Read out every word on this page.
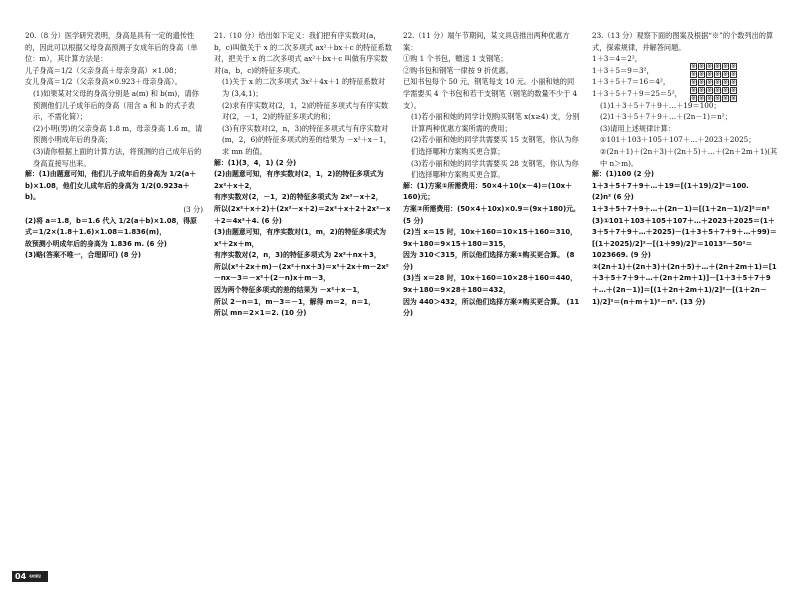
20.（8 分）医学研究表明，身高是具有一定的遗传性的，因此可以根据父母身高预测子女成年后的身高（单位：m），其计算方法是：

儿子身高＝1/2（父亲身高＋母亲身高）×1.08；

女儿身高＝1/2（父亲身高×0.923＋母亲身高）。

(1)如果某对父母的身高分别是 a(m) 和 b(m)，请你预测他们儿子成年后的身高（用含 a 和 b 的式子表示，不需化简）；

(2)小明(男)的父亲身高 1.8 m，母亲身高 1.6 m，请预测小明成年后的身高；

(3)请你根据上面的计算方法，将预测的自己成年后的身高直接写出来。

解：(1)由题意可知，他们儿子成年后的身高为 1/2(a＋b)×1.08，他们女儿成年后的身高为 1/2(0.923a＋b)。

(3 分)

(2)将 a＝1.8，b＝1.6 代入 1/2(a＋b)×1.08，得原式＝1/2×(1.8＋1.6)×1.08＝1.836(m)，

故预测小明成年后的身高为 1.836 m. (6 分)

(3)略(答案不唯一，合理即可) (8 分)

21.（10 分）给出如下定义：我们把有序实数对(a，b，c)叫做关于 x 的二次多项式 ax²＋bx＋c 的特征系数对，把关于 x 的二次多项式 ax²＋bx＋c 叫做有序实数对(a，b，c)的特征多项式。

(1)关于 x 的二次多项式 3x²＋4x＋1 的特征系数对为 (3,4,1)；

(2)求有序实数对(2，1，2)的特征多项式与有序实数对(2，－1，2)的特征多项式的和；

(3)有序实数对(2，n，3)的特征多项式与有序实数对(m，2，6)的特征多项式的差的结果为 －x²＋x－1，求 mn 的值。

解：(1)(3，4，1) (2 分)

(2)由题意可知，有序实数对(2，1，2)的特征多项式为 2x²＋x＋2，

有序实数对(2，－1，2)的特征多项式为 2x²－x＋2，

所以(2x²＋x＋2)＋(2x²－x＋2)＝2x²＋x＋2＋2x²－x＋2＝4x²＋4. (6 分)

(3)由题意可知，有序实数对(1，m，2)的特征多项式为 x²＋2x＋m，

有序实数对(2，n，3)的特征多项式为 2x²＋nx＋3，

所以(x²＋2x＋m)－(2x²＋nx＋3)＝x²＋2x＋m－2x²－nx－3＝－x²＋(2－n)x＋m－3，

因为两个特征多项式的差的结果为 －x²＋x－1，

所以 2－n＝1，m－3＝－1，解得 m＝2，n＝1，

所以 mn＝2×1＝2. (10 分)

22.（11 分）端午节期间，某文具店推出两种优惠方案：

①购 1 个书包，赠送 1 支钢笔；

②购书包和钢笔一律按 9 折优惠。

已知书包每个 50 元，钢笔每支 10 元。小丽和她的同学需要买 4 个书包和若干支钢笔（钢笔的数量不少于 4 支）。

(1)若小丽和她的同学计划购买钢笔 x(x≥4) 支，分别计算两种优惠方案所需的费用；

(2)若小丽和她的同学共需要买 15 支钢笔，你认为你们选择哪种方案购买更合算；

(3)若小丽和她的同学共需要买 28 支钢笔，你认为你们选择哪种方案购买更合算。

解：(1)方案①所需费用：50×4＋10(x－4)＝(10x＋160)元；

方案②所需费用：(50×4＋10x)×0.9＝(9x＋180)元。 (5 分)

(2)当 x＝15 时，10x＋160＝10×15＋160＝310，9x＋180＝9×15＋180＝315，

因为 310＜315，所以他们选择方案①购买更合算。 (8 分)

(3)当 x＝28 时，10x＋160＝10×28＋160＝440，9x＋180＝9×28＋180＝432，

因为 440＞432，所以他们选择方案②购买更合算。 (11 分)

23.（13 分）观察下面的图案及根据“※”的个数列出的算式，探索规律，并解答问题。

1＋3＝4＝2²，

1＋3＋5＝9＝3²，

1＋3＋5＋7＝16＝4²，

1＋3＋5＋7＋9＝25＝5²，

(1)1＋3＋5＋7＋9＋…＋19＝100；

(2)1＋3＋5＋7＋9＋…＋(2n－1)＝n²；

(3)请用上述规律计算：

①101＋103＋105＋107＋…＋2023＋2025；

②(2n＋1)＋(2n＋3)＋(2n＋5)＋…＋(2n＋2m＋1)(其中 n＞m)。

解：(1)100 (2 分)

1＋3＋5＋7＋9＋…＋19＝[(1＋19)/2]²＝100.

(2)n² (6 分)

1＋3＋5＋7＋9＋…＋(2n－1)＝[(1＋2n－1)/2]²＝n²

(3)①101＋103＋105＋107＋…＋2023＋2025＝(1＋3＋5＋7＋9＋…＋2025)－(1＋3＋5＋7＋9＋…＋99)＝[(1＋2025)/2]²－[(1＋99)/2]²＝1013²－50²＝1023669. (9 分)

②(2n＋1)＋(2n＋3)＋(2n＋5)＋…＋(2n＋2m＋1)＝[1＋3＋5＋7＋9＋…＋(2n＋2m＋1)]－[1＋3＋5＋7＋9＋…＋(2n－1)]＝[(1＋2n＋2m＋1)/2]²－[(1＋2n－1)/2]²＝(n＋m＋1)²－n². (13 分)

※ ※ ※ ※ ※ ※
※ ※ ※ ※ ※ ※
※ ※ ※ ※ ※ ※
※ ※ ※ ※ ※ ※
※ ※ ※ ※ ※ ※
04 名校课堂
